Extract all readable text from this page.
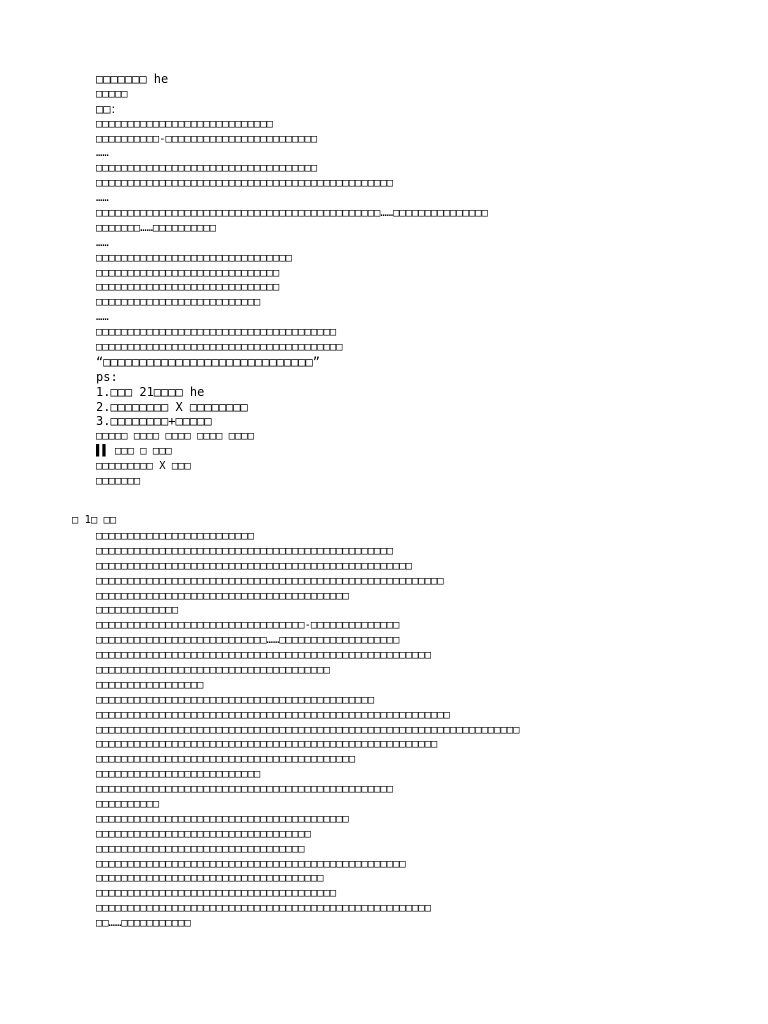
□□□□□□□ he
□□□□□
□□：
□□□□□□□□□□□□□□□□□□□□□□□□□□□□
□□□□□□□□□□-□□□□□□□□□□□□□□□□□□□□□□□□
……
□□□□□□□□□□□□□□□□□□□□□□□□□□□□□□□□□□□
□□□□□□□□□□□□□□□□□□□□□□□□□□□□□□□□□□□□□□□□□□□□□□□
……
□□□□□□□□□□□□□□□□□□□□□□□□□□□□□□□□□□□□□□□□□□□□□……□□□□□□□□□□□□□□□
□□□□□□□……□□□□□□□□□□
……
□□□□□□□□□□□□□□□□□□□□□□□□□□□□□□□
□□□□□□□□□□□□□□□□□□□□□□□□□□□□□
□□□□□□□□□□□□□□□□□□□□□□□□□□□□□
□□□□□□□□□□□□□□□□□□□□□□□□□□
……
□□□□□□□□□□□□□□□□□□□□□□□□□□□□□□□□□□□□□□
□□□□□□□□□□□□□□□□□□□□□□□□□□□□□□□□□□□□□□□
“□□□□□□□□□□□□□□□□□□□□□□□□□□□□□”
ps:
1.□□□ 21□□□□ he
2.□□□□□□□□ X □□□□□□□□
3.□□□□□□□□+□□□□□
□□□□□ □□□□ □□□□ □□□□ □□□□
▌▌ □□□ □ □□□
□□□□□□□□□ X □□□
□□□□□□□
□ 1□ □□
□□□□□□□□□□□□□□□□□□□□□□□□□
□□□□□□□□□□□□□□□□□□□□□□□□□□□□□□□□□□□□□□□□□□□□□□□
□□□□□□□□□□□□□□□□□□□□□□□□□□□□□□□□□□□□□□□□□□□□□□□□□□
□□□□□□□□□□□□□□□□□□□□□□□□□□□□□□□□□□□□□□□□□□□□□□□□□□□□□□□
□□□□□□□□□□□□□□□□□□□□□□□□□□□□□□□□□□□□□□□□
□□□□□□□□□□□□□
□□□□□□□□□□□□□□□□□□□□□□□□□□□□□□□□□-□□□□□□□□□□□□□□
□□□□□□□□□□□□□□□□□□□□□□□□□□□……□□□□□□□□□□□□□□□□□□□
□□□□□□□□□□□□□□□□□□□□□□□□□□□□□□□□□□□□□□□□□□□□□□□□□□□□□
□□□□□□□□□□□□□□□□□□□□□□□□□□□□□□□□□□□□□
□□□□□□□□□□□□□□□□□
□□□□□□□□□□□□□□□□□□□□□□□□□□□□□□□□□□□□□□□□□□□□
□□□□□□□□□□□□□□□□□□□□□□□□□□□□□□□□□□□□□□□□□□□□□□□□□□□□□□□□
□□□□□□□□□□□□□□□□□□□□□□□□□□□□□□□□□□□□□□□□□□□□□□□□□□□□□□□□□□□□□□□□□□□
□□□□□□□□□□□□□□□□□□□□□□□□□□□□□□□□□□□□□□□□□□□□□□□□□□□□□□
□□□□□□□□□□□□□□□□□□□□□□□□□□□□□□□□□□□□□□□□□
□□□□□□□□□□□□□□□□□□□□□□□□□□
□□□□□□□□□□□□□□□□□□□□□□□□□□□□□□□□□□□□□□□□□□□□□□□
□□□□□□□□□□
□□□□□□□□□□□□□□□□□□□□□□□□□□□□□□□□□□□□□□□□
□□□□□□□□□□□□□□□□□□□□□□□□□□□□□□□□□□
□□□□□□□□□□□□□□□□□□□□□□□□□□□□□□□□□
□□□□□□□□□□□□□□□□□□□□□□□□□□□□□□□□□□□□□□□□□□□□□□□□□
□□□□□□□□□□□□□□□□□□□□□□□□□□□□□□□□□□□□
□□□□□□□□□□□□□□□□□□□□□□□□□□□□□□□□□□□□□□
□□□□□□□□□□□□□□□□□□□□□□□□□□□□□□□□□□□□□□□□□□□□□□□□□□□□□
□□……□□□□□□□□□□□
